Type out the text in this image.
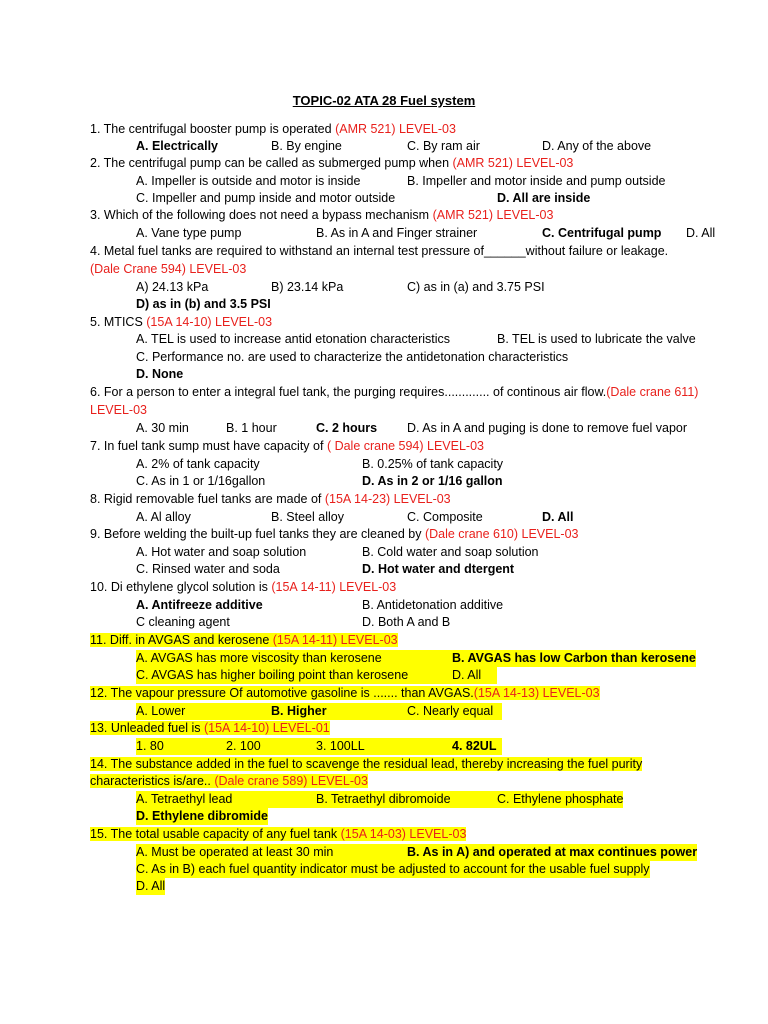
TOPIC-02 ATA 28 Fuel system
1. The centrifugal booster pump is operated (AMR 521) LEVEL-03
A. Electrically	B. By engine	C. By ram air	D. Any of the above
2. The centrifugal pump can be called as submerged pump when (AMR 521) LEVEL-03
A. Impeller is outside and motor is inside	B. Impeller and motor inside and pump outside
C. Impeller and pump inside and motor outside	D. All are inside
3. Which of the following does not need a bypass mechanism (AMR 521) LEVEL-03
A. Vane type pump	B. As in A and Finger strainer	C. Centrifugal pump D. All
4. Metal fuel tanks are required to withstand an internal test pressure of______without failure or leakage.
(Dale Crane 594) LEVEL-03
A) 24.13 kPa	B) 23.14 kPa	C) as in (a) and 3.75 PSI
D) as in (b) and 3.5 PSI
5. MTICS (15A 14-10) LEVEL-03
A. TEL is used to increase antid etonation characteristics	B. TEL is used to lubricate the valve
C. Performance no. are used to characterize the antidetonation characteristics
D. None
6. For a person to enter a integral fuel tank, the purging requires............. of continous air flow.(Dale crane 611)
LEVEL-03
A. 30 min	B. 1 hour	C. 2 hours D. As in A and puging is done to remove fuel vapor
7. In fuel tank sump must have capacity of ( Dale crane 594) LEVEL-03
A. 2% of tank capacity	B. 0.25% of tank capacity
C. As in 1 or 1/16gallon	D. As in 2 or 1/16 gallon
8. Rigid removable fuel tanks are made of (15A 14-23) LEVEL-03
A. Al alloy	B. Steel alloy	C. Composite	D. All
9. Before welding the built-up fuel tanks they are cleaned by (Dale crane 610) LEVEL-03
A. Hot water and soap solution	B. Cold water and soap solution
C. Rinsed water and soda	D. Hot water and dtergent
10. Di ethylene glycol solution is (15A 14-11) LEVEL-03
A. Antifreeze additive	B. Antidetonation additive
C cleaning agent	D. Both A and B
11. Diff. in AVGAS and kerosene (15A 14-11) LEVEL-03
A. AVGAS has more viscosity than kerosene	B. AVGAS has low Carbon than kerosene
C. AVGAS has higher boiling point than kerosene	D. All
12. The vapour pressure Of automotive gasoline is ....... than AVGAS.(15A 14-13) LEVEL-03
A. Lower	B. Higher	C. Nearly equal
13. Unleaded fuel is (15A 14-10) LEVEL-01
1. 80	2. 100	3. 100LL	4. 82UL
14. The substance added in the fuel to scavenge the residual lead, thereby increasing the fuel purity
characteristics is/are.. (Dale crane 589) LEVEL-03
A. Tetraethyl lead	B. Tetraethyl dibromoide	C. Ethylene phosphate
D. Ethylene dibromide
15. The total usable capacity of any fuel tank (15A 14-03) LEVEL-03
A. Must be operated at least 30 min	B. As in A) and operated at max continues power
C. As in B) each fuel quantity indicator must be adjusted to account for the usable fuel supply
D. All
